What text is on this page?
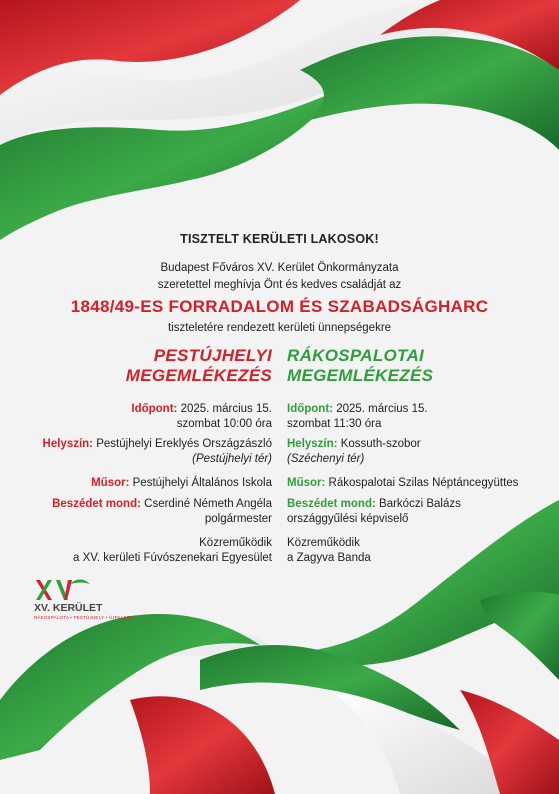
TISZTELT KERÜLETI LAKOSOK!
Budapest Főváros XV. Kerület Önkormányzata
szeretettel meghívja Önt és kedves családját az
1848/49-ES FORRADALOM ÉS SZABADSÁGHARC
tiszteletére rendezett kerületi ünnepségekre
PESTÚJHELYI
MEGEMLÉKEZÉS
RÁKOSPALOTAI
MEGEMLÉKEZÉS
Időpont: 2025. március 15.
szombat 10:00 óra
Helyszín: Pestújhelyi Ereklyés Országzászló
(Pestújhelyi tér)
Műsor: Pestújhelyi Általános Iskola
Beszédet mond: Cserdiné Németh Angéla
polgármester
Közreműködik
a XV. kerületi Fúvószenekari Egyesület
Időpont: 2025. március 15.
szombat 11:30 óra
Helyszín: Kossuth-szobor
(Széchenyi tér)
Műsor: Rákospalotai Szilas Néptáncegyüttes
Beszédet mond: Barkóczi Balázs
országgyűlési képviselő
Közreműködik
a Zagyva Banda
XV. KERÜLET
RÁKOSPALOTA • PESTÚJHELY • ÚJPALOTA
